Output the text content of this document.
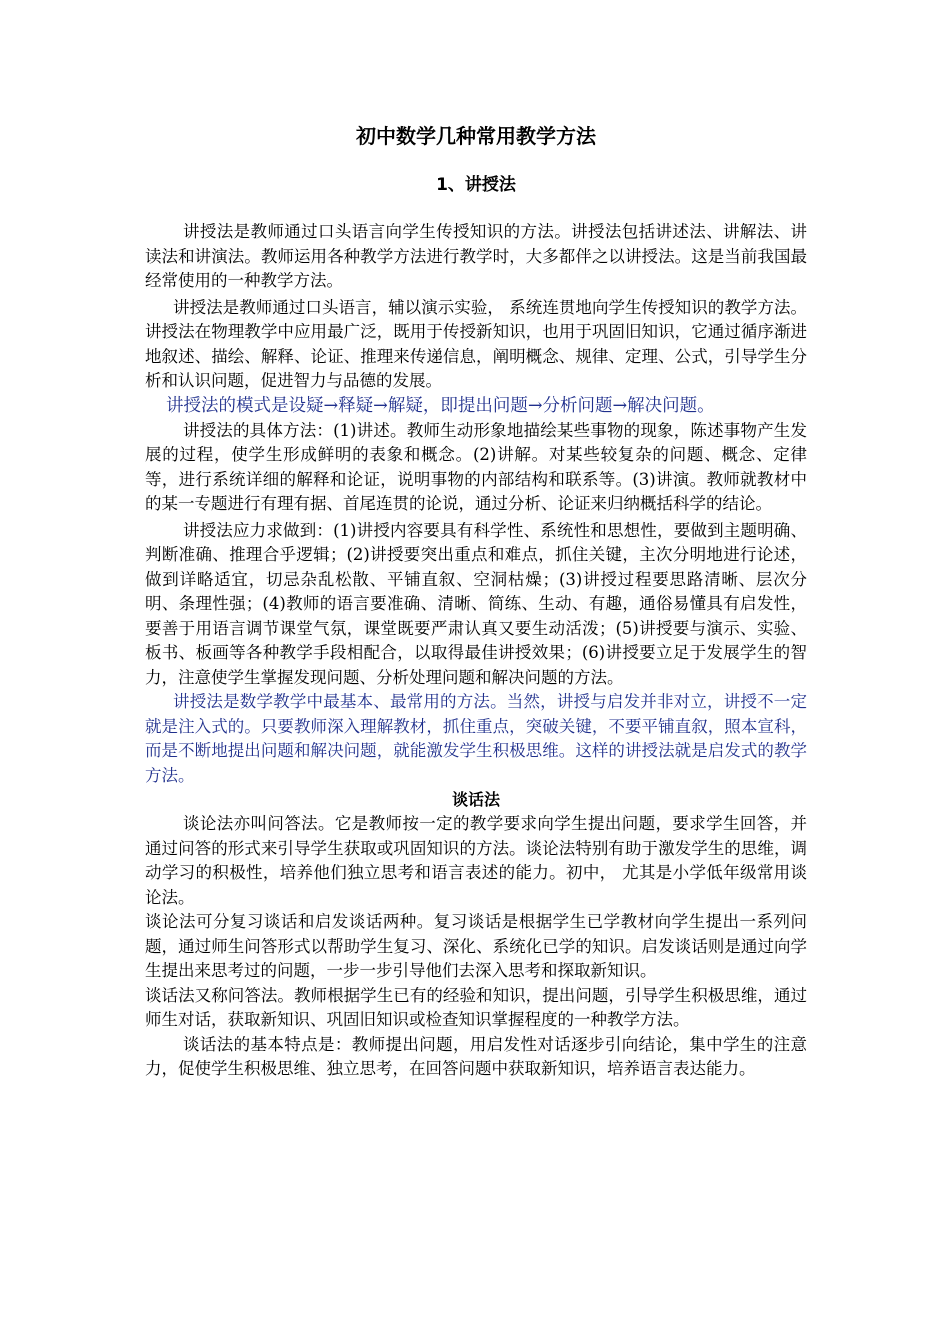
初中数学几种常用教学方法
1、讲授法

讲授法是教师通过口头语言向学生传授知识的方法。讲授法包括讲述法、讲解法、讲读法和讲演法。教师运用各种教学方法进行教学时，大多都伴之以讲授法。这是当前我国最经常使用的一种教学方法。

讲授法是教师通过口头语言，辅以演示实验， 系统连贯地向学生传授知识的教学方法。讲授法在物理教学中应用最广泛，既用于传授新知识，也用于巩固旧知识，它通过循序渐进地叙述、描绘、解释、论证、推理来传递信息，阐明概念、规律、定理、公式，引导学生分析和认识问题，促进智力与品德的发展。

讲授法的模式是设疑→释疑→解疑，即提出问题→分析问题→解决问题。

讲授法的具体方法：(1)讲述。教师生动形象地描绘某些事物的现象，陈述事物产生发展的过程，使学生形成鲜明的表象和概念。(2)讲解。对某些较复杂的问题、概念、定律等，进行系统详细的解释和论证，说明事物的内部结构和联系等。(3)讲演。教师就教材中的某一专题进行有理有据、首尾连贯的论说，通过分析、论证来归纳概括科学的结论。

讲授法应力求做到：(1)讲授内容要具有科学性、系统性和思想性，要做到主题明确、判断准确、推理合乎逻辑；(2)讲授要突出重点和难点，抓住关键，主次分明地进行论述，做到详略适宜，切忌杂乱松散、平铺直叙、空洞枯燥；(3)讲授过程要思路清晰、层次分明、条理性强；(4)教师的语言要准确、清晰、简练、生动、有趣，通俗易懂具有启发性，要善于用语言调节课堂气氛，课堂既要严肃认真又要生动活泼；(5)讲授要与演示、实验、板书、板画等各种教学手段相配合，以取得最佳讲授效果；(6)讲授要立足于发展学生的智力，注意使学生掌握发现问题、分析处理问题和解决问题的方法。

讲授法是数学教学中最基本、最常用的方法。当然，讲授与启发并非对立，讲授不一定就是注入式的。只要教师深入理解教材，抓住重点，突破关键，不要平铺直叙，照本宣科，而是不断地提出问题和解决问题，就能激发学生积极思维。这样的讲授法就是启发式的教学方法。

谈话法

谈论法亦叫问答法。它是教师按一定的教学要求向学生提出问题，要求学生回答，并通过问答的形式来引导学生获取或巩固知识的方法。谈论法特别有助于激发学生的思维，调动学习的积极性，培养他们独立思考和语言表述的能力。初中， 尤其是小学低年级常用谈论法。

谈论法可分复习谈话和启发谈话两种。复习谈话是根据学生已学教材向学生提出一系列问题，通过师生问答形式以帮助学生复习、深化、系统化已学的知识。启发谈话则是通过向学生提出来思考过的问题，一步一步引导他们去深入思考和探取新知识。

谈话法又称问答法。教师根据学生已有的经验和知识，提出问题，引导学生积极思维，通过师生对话，获取新知识、巩固旧知识或检查知识掌握程度的一种教学方法。

谈话法的基本特点是：教师提出问题，用启发性对话逐步引向结论，集中学生的注意力，促使学生积极思维、独立思考，在回答问题中获取新知识，培养语言表达能力。
